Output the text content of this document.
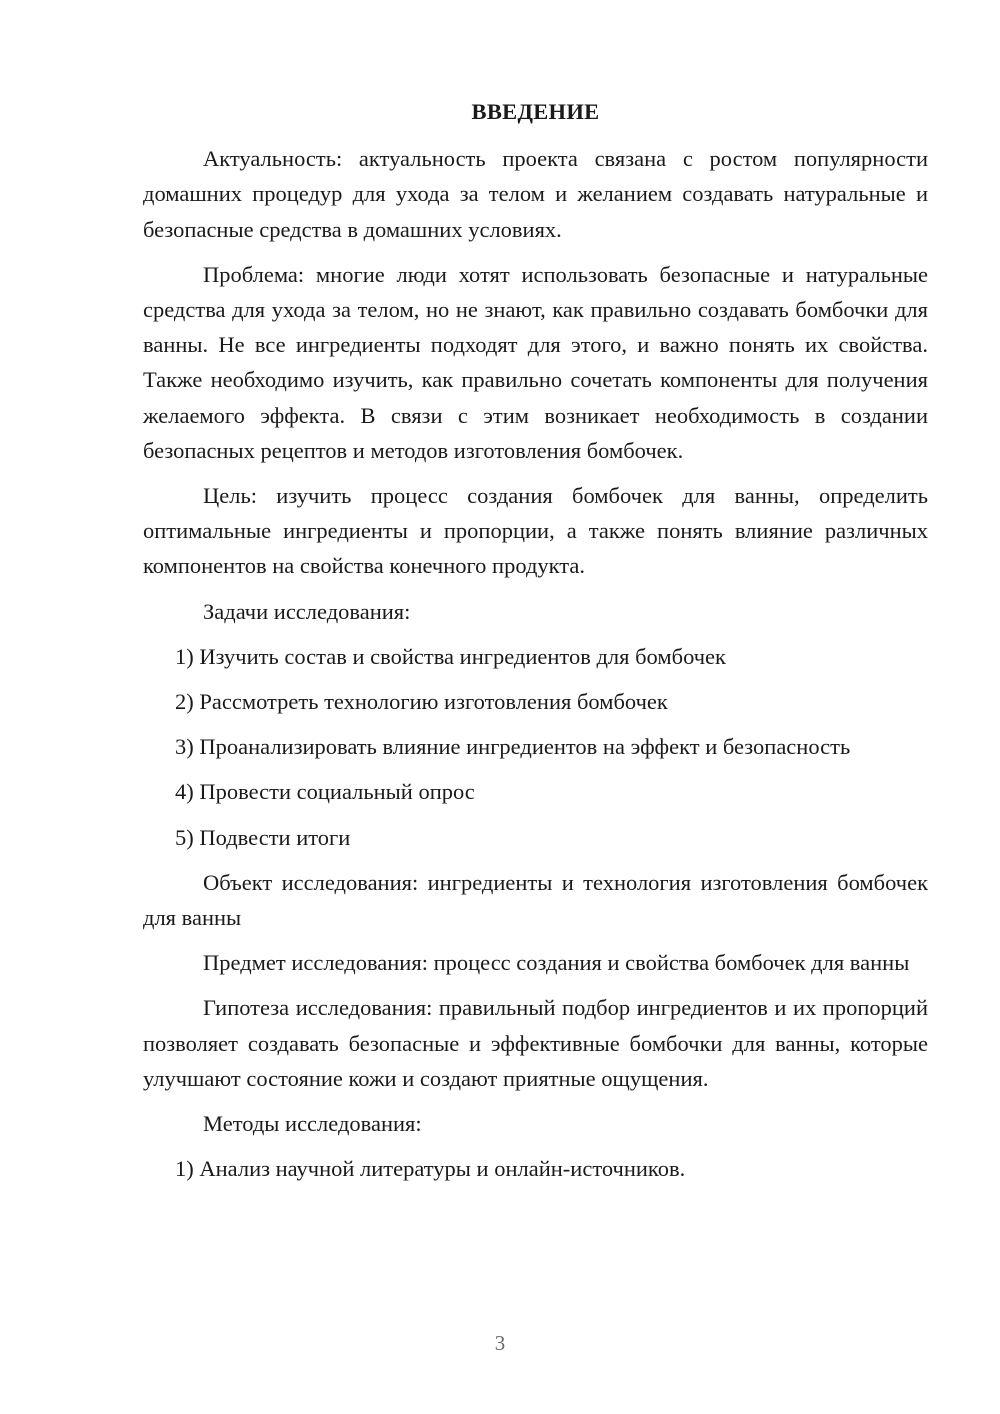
ВВЕДЕНИЕ

Актуальность: актуальность проекта связана с ростом популярности домашних процедур для ухода за телом и желанием создавать натуральные и безопасные средства в домашних условиях.

Проблема: многие люди хотят использовать безопасные и натуральные средства для ухода за телом, но не знают, как правильно создавать бомбочки для ванны. Не все ингредиенты подходят для этого, и важно понять их свойства. Также необходимо изучить, как правильно сочетать компоненты для получения желаемого эффекта. В связи с этим возникает необходимость в создании безопасных рецептов и методов изготовления бомбочек.

Цель: изучить процесс создания бомбочек для ванны, определить оптимальные ингредиенты и пропорции, а также понять влияние различных компонентов на свойства конечного продукта.

Задачи исследования:

1) Изучить состав и свойства ингредиентов для бомбочек
2) Рассмотреть технологию изготовления бомбочек
3) Проанализировать влияние ингредиентов на эффект и безопасность
4) Провести социальный опрос
5) Подвести итоги

Объект исследования: ингредиенты и технология изготовления бомбочек для ванны

Предмет исследования: процесс создания и свойства бомбочек для ванны

Гипотеза исследования: правильный подбор ингредиентов и их пропорций позволяет создавать безопасные и эффективные бомбочки для ванны, которые улучшают состояние кожи и создают приятные ощущения.

Методы исследования:

1) Анализ научной литературы и онлайн-источников.
3
